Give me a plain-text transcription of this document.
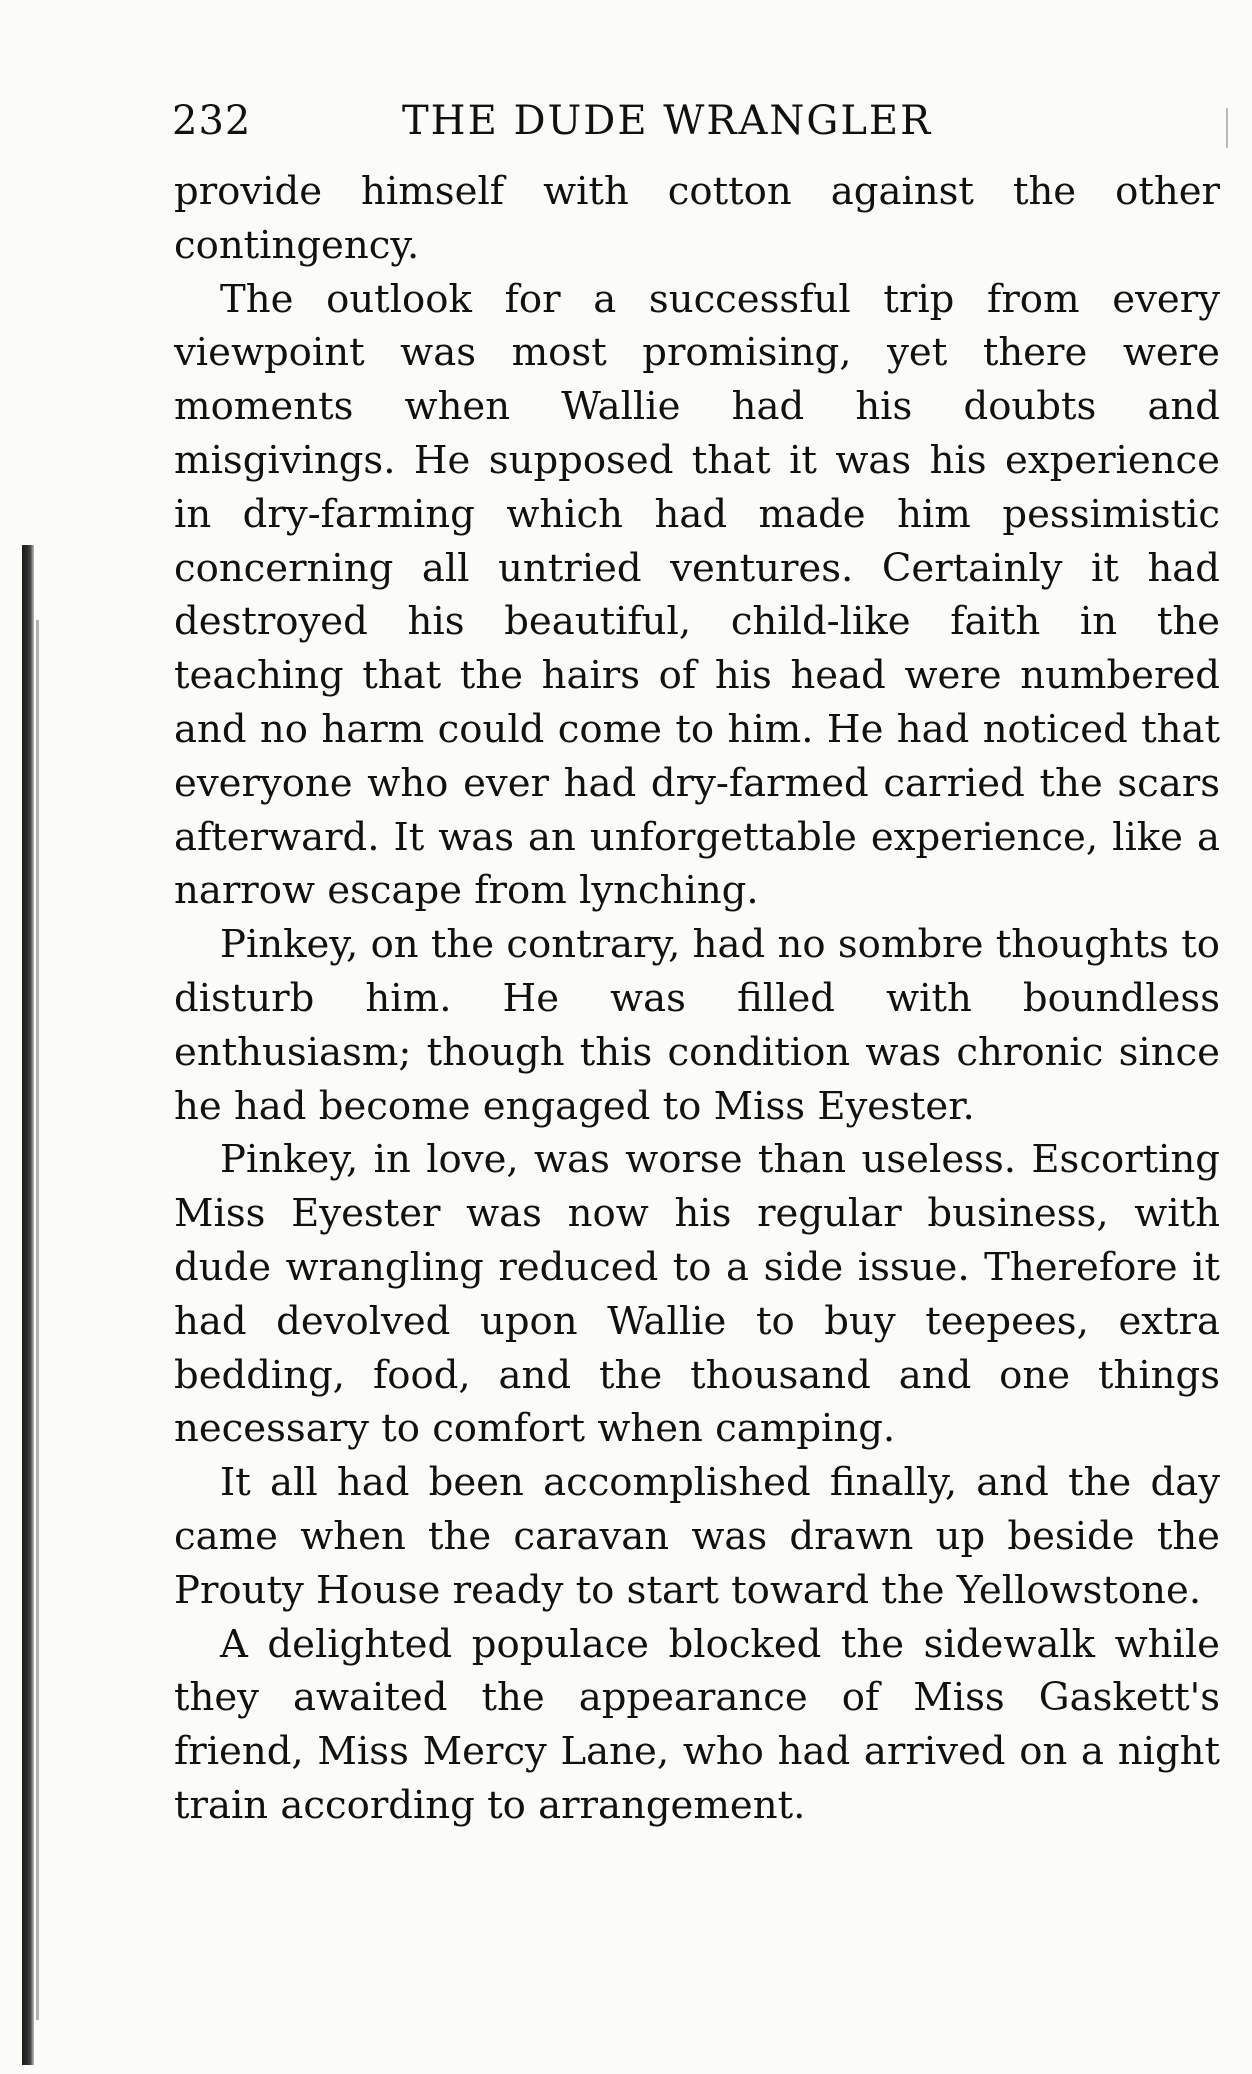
232	THE DUDE WRANGLER

provide himself with cotton against the other contingency.

The outlook for a successful trip from every viewpoint was most promising, yet there were moments when Wallie had his doubts and misgivings. He supposed that it was his experience in dry-farming which had made him pessimistic concerning all untried ventures. Certainly it had destroyed his beautiful, child-like faith in the teaching that the hairs of his head were numbered and no harm could come to him. He had noticed that everyone who ever had dry-farmed carried the scars afterward. It was an unforgettable experience, like a narrow escape from lynching.

Pinkey, on the contrary, had no sombre thoughts to disturb him. He was filled with boundless enthusiasm; though this condition was chronic since he had become engaged to Miss Eyester.

Pinkey, in love, was worse than useless. Escorting Miss Eyester was now his regular business, with dude wrangling reduced to a side issue. Therefore it had devolved upon Wallie to buy teepees, extra bedding, food, and the thousand and one things necessary to comfort when camping.

It all had been accomplished finally, and the day came when the caravan was drawn up beside the Prouty House ready to start toward the Yellowstone.

A delighted populace blocked the sidewalk while they awaited the appearance of Miss Gaskett's friend, Miss Mercy Lane, who had arrived on a night train according to arrangement.
